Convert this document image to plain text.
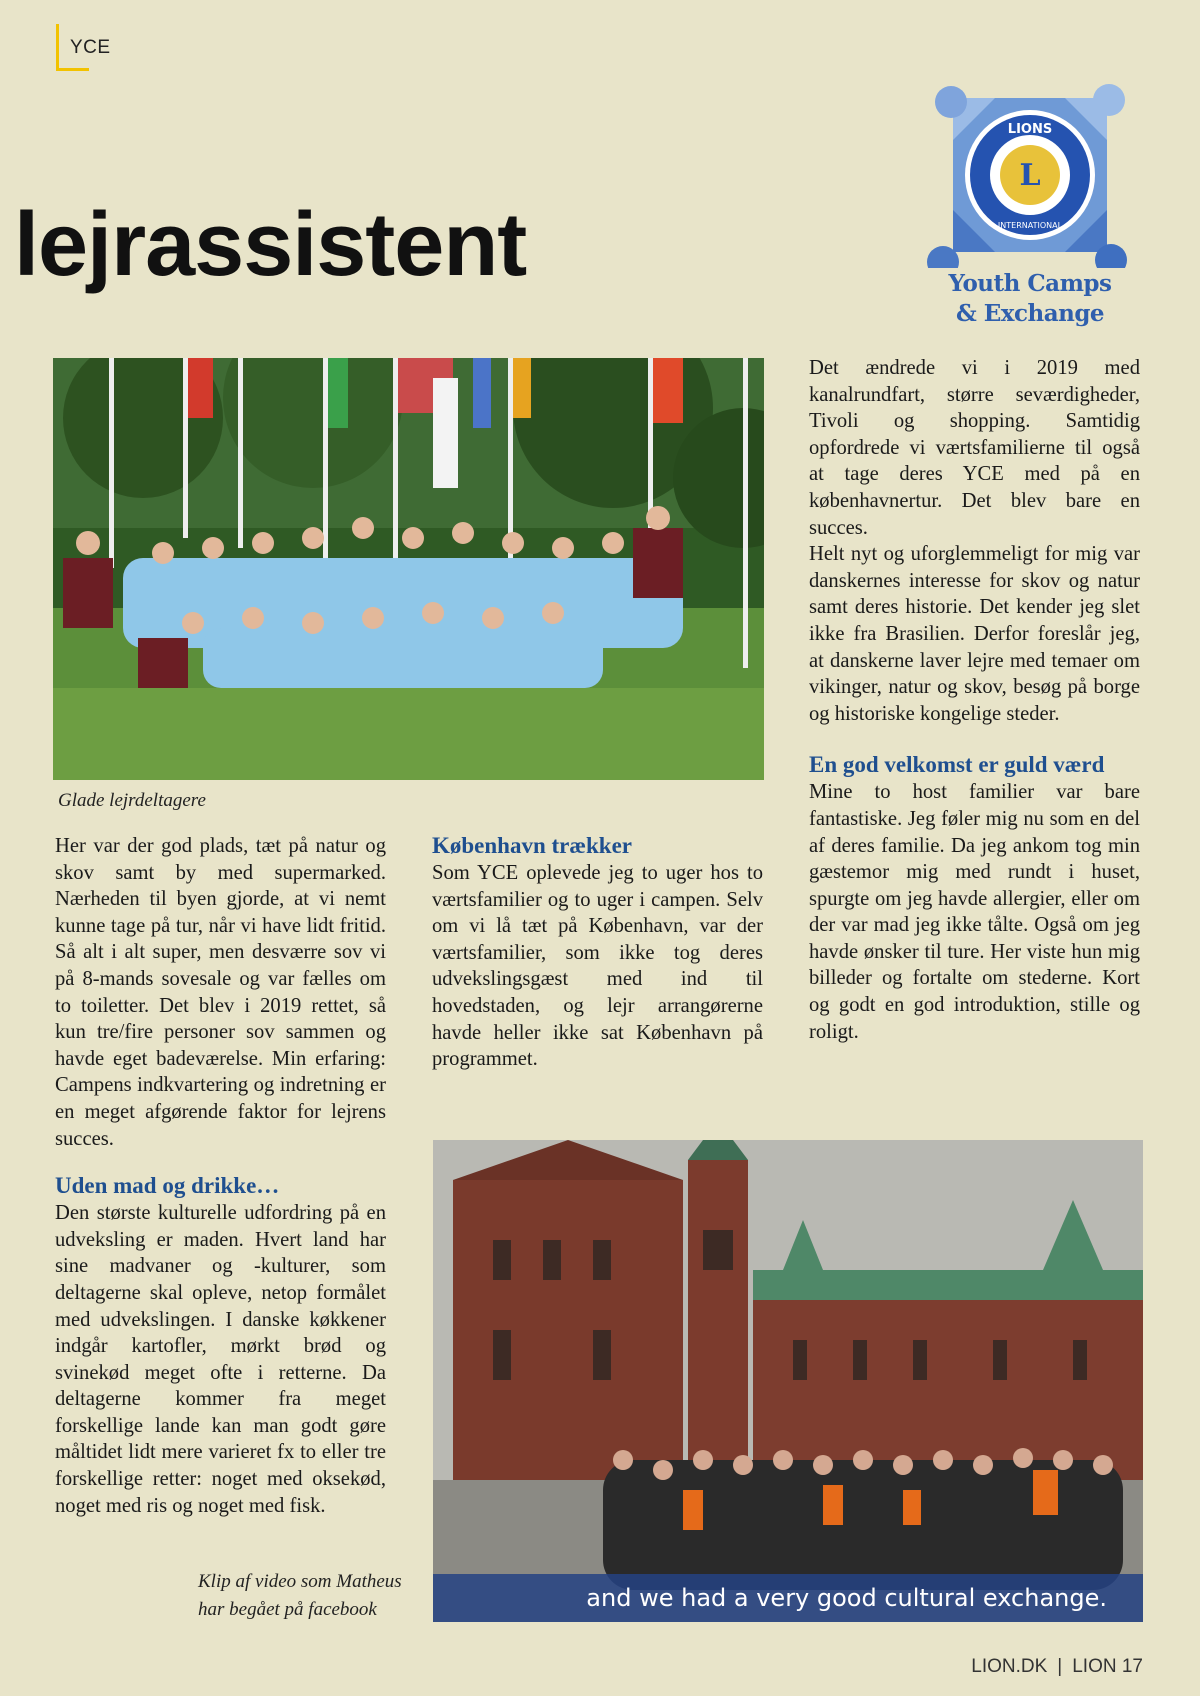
YCE
lejrassistent
L
LIONS
INTERNATIONAL
Youth Camps
& Exchange
Glade lejrdeltagere

Her var der god plads, tæt på natur og skov samt by med supermarked. Nærheden til byen gjorde, at vi nemt kunne tage på tur, når vi have lidt fritid. Så alt i alt super, men desværre sov vi på 8-mands sovesale og var fælles om to toiletter. Det blev i 2019 rettet, så kun tre/fire personer sov sammen og havde eget badeværelse. Min erfaring: Campens indkvartering og indretning er en meget afgørende faktor for lejrens succes.

Uden mad og drikke…

Den største kulturelle udfordring på en udveksling er maden. Hvert land har sine madvaner og -kulturer, som deltagerne skal opleve, netop formålet med udvekslingen. I danske køkkener indgår kartofler, mørkt brød og svinekød meget ofte i retterne. Da deltagerne kommer fra meget forskellige lande kan man godt gøre måltidet lidt mere varieret fx to eller tre forskellige retter: noget med oksekød, noget med ris og noget med fisk.

København trækker

Som YCE oplevede jeg to uger hos to værtsfamilier og to uger i campen. Selv om vi lå tæt på København, var der værtsfamilier, som ikke tog deres udvekslingsgæst med ind til hovedstaden, og lejr arrangørerne havde heller ikke sat København på programmet.

Det ændrede vi i 2019 med kanalrundfart, større seværdigheder, Tivoli og shopping. Samtidig opfordrede vi værtsfamilierne til også at tage deres YCE med på en københavnertur. Det blev bare en succes.

Helt nyt og uforglemmeligt for mig var danskernes interesse for skov og natur samt deres historie. Det kender jeg slet ikke fra Brasilien. Derfor foreslår jeg, at danskerne laver lejre med temaer om vikinger, natur og skov, besøg på borge og historiske kongelige steder.

En god velkomst er guld værd

Mine to host familier var bare fantastiske. Jeg føler mig nu som en del af deres familie. Da jeg ankom tog min gæstemor mig med rundt i huset, spurgte om jeg havde allergier, eller om der var mad jeg ikke tålte. Også om jeg havde ønsker til ture. Her viste hun mig billeder og fortalte om stederne. Kort og godt en god introduktion, stille og roligt.

Klip af video som Matheus
har begået på facebook	and we had a very good cultural exchange.
LION.DK | LION 17
